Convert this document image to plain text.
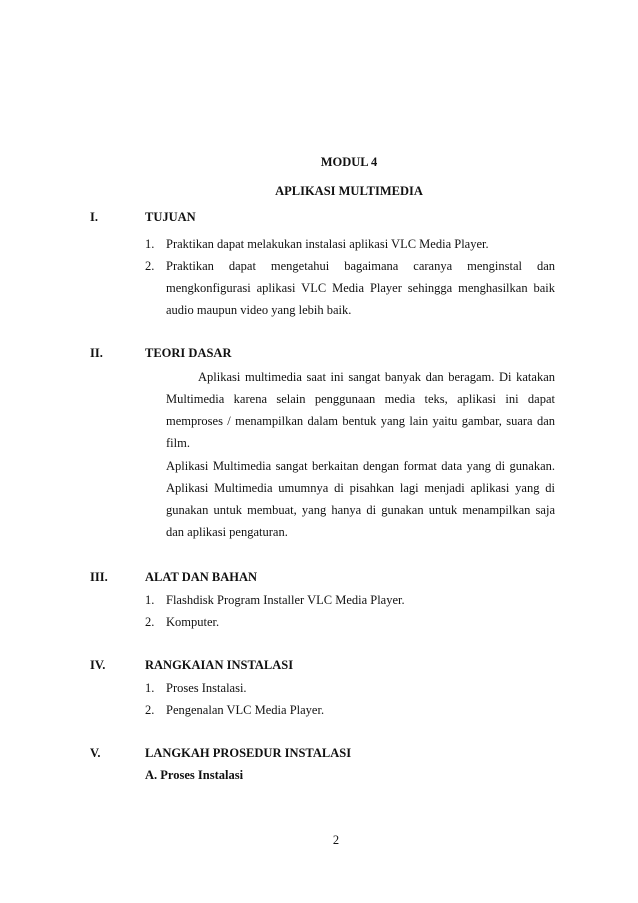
MODUL 4
APLIKASI MULTIMEDIA
I.	TUJUAN
1. Praktikan dapat melakukan instalasi aplikasi VLC Media Player.
2. Praktikan dapat mengetahui bagaimana caranya menginstal dan mengkonfigurasi aplikasi VLC Media Player sehingga menghasilkan baik audio maupun video yang lebih baik.
II.	TEORI DASAR
Aplikasi multimedia saat ini sangat banyak dan beragam. Di katakan Multimedia karena selain penggunaan media teks, aplikasi ini dapat memproses / menampilkan dalam bentuk yang lain yaitu gambar, suara dan film.
Aplikasi Multimedia sangat berkaitan dengan format data yang di gunakan. Aplikasi Multimedia umumnya di pisahkan lagi menjadi aplikasi yang di gunakan untuk membuat, yang hanya di gunakan untuk menampilkan saja dan aplikasi pengaturan.
III.	ALAT DAN BAHAN
1. Flashdisk Program Installer VLC Media Player.
2. Komputer.
IV.	RANGKAIAN INSTALASI
1. Proses Instalasi.
2. Pengenalan VLC Media Player.
V.	LANGKAH PROSEDUR INSTALASI
A. Proses Instalasi
2
